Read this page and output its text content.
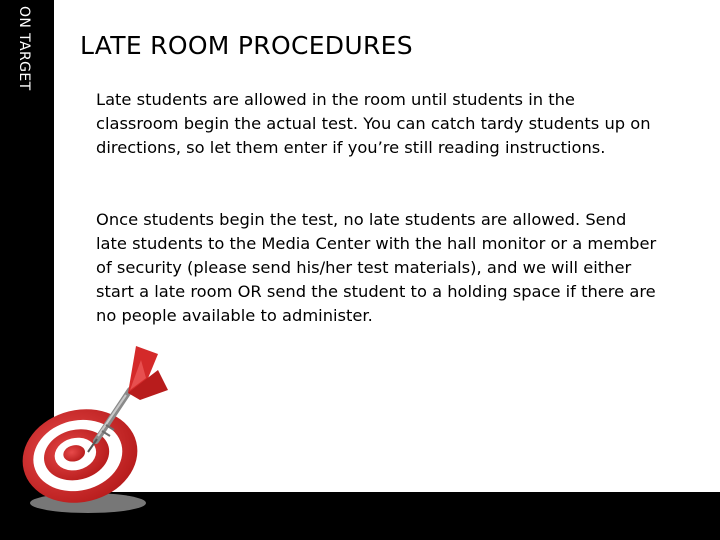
ON TARGET LATE ROOM PROCEDURES

Late students are allowed in the room until students in the classroom begin the actual test. You can catch tardy students up on directions, so let them enter if you’re still reading instructions.

Once students begin the test, no late students are allowed. Send late students to the Media Center with the hall monitor or a member of security (please send his/her test materials), and we will either start a late room OR send the student to a holding space if there are no people available to administer.
